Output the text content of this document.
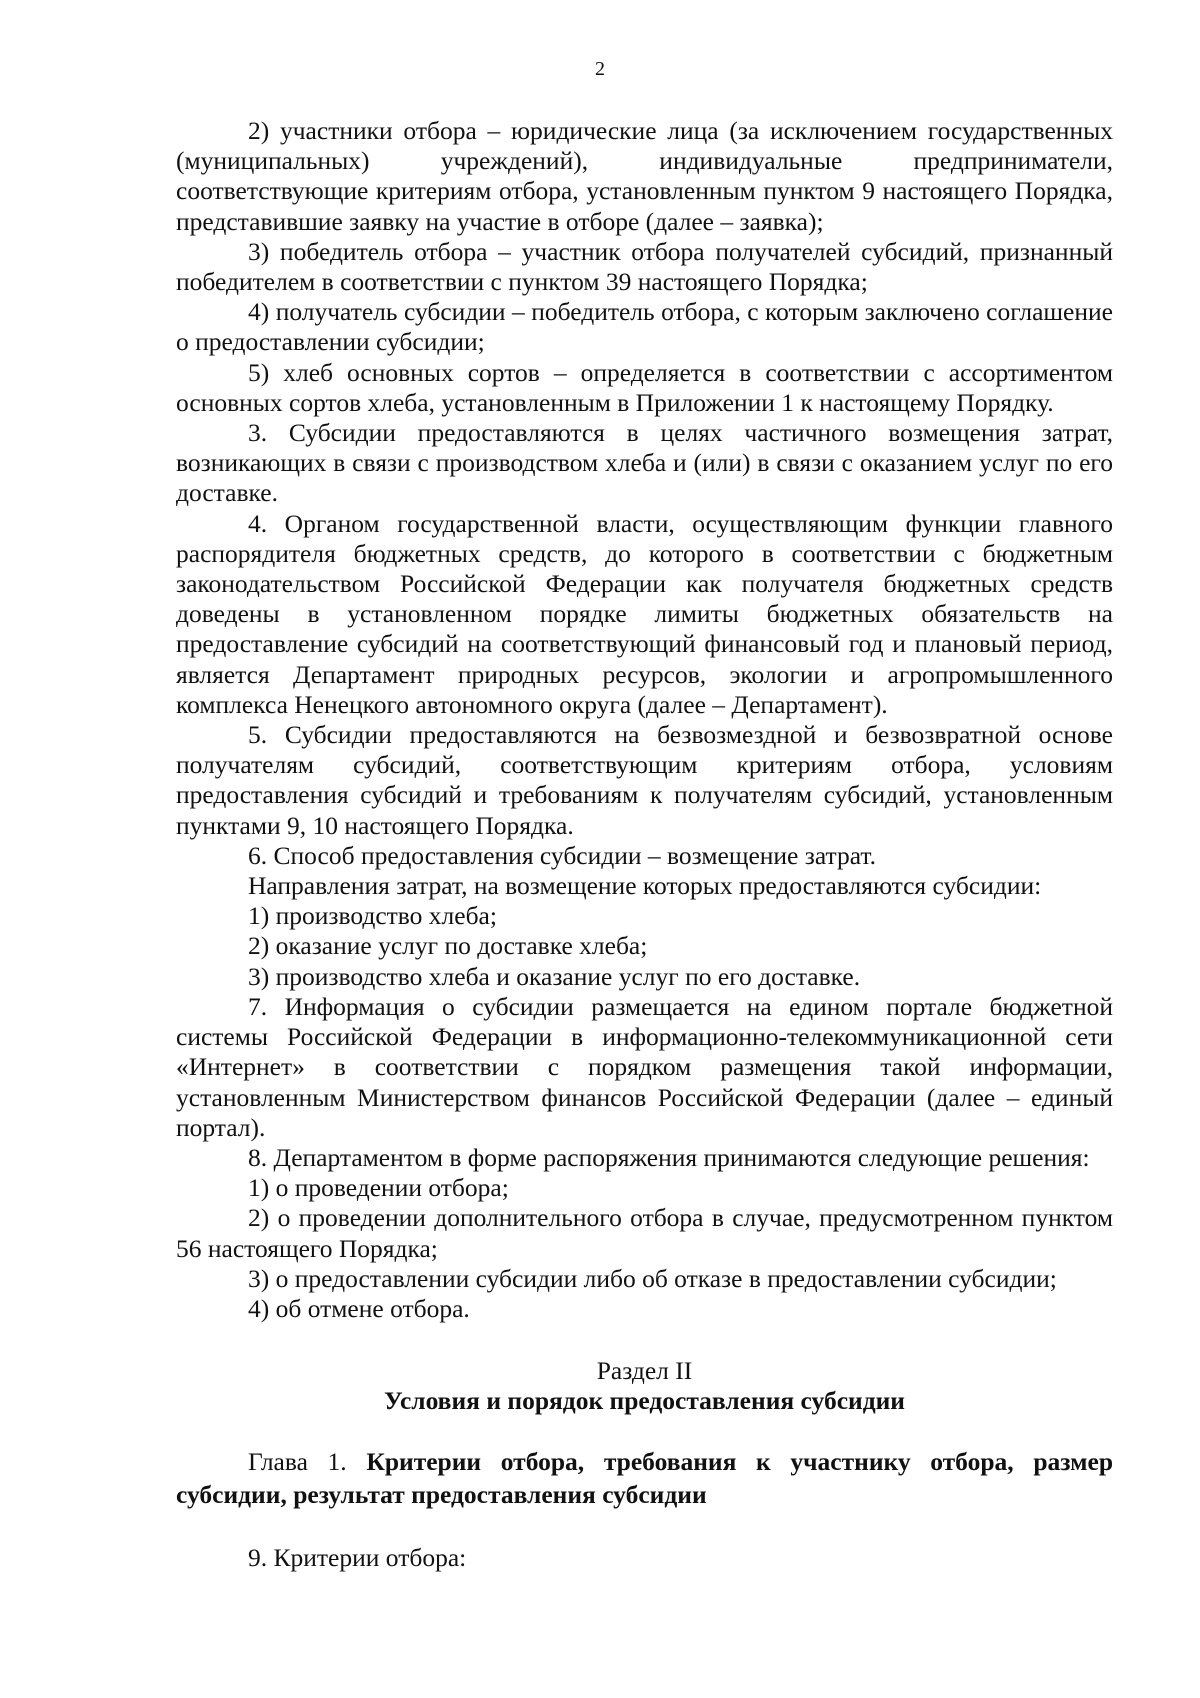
2

2) участники отбора – юридические лица (за исключением государственных (муниципальных) учреждений), индивидуальные предприниматели, соответствующие критериям отбора, установленным пунктом 9 настоящего Порядка, представившие заявку на участие в отборе (далее – заявка);

3) победитель отбора – участник отбора получателей субсидий, признанный победителем в соответствии с пунктом 39 настоящего Порядка;

4) получатель субсидии – победитель отбора, с которым заключено соглашение о предоставлении субсидии;

5) хлеб основных сортов – определяется в соответствии с ассортиментом основных сортов хлеба, установленным в Приложении 1 к настоящему Порядку.

3. Субсидии предоставляются в целях частичного возмещения затрат, возникающих в связи с производством хлеба и (или) в связи с оказанием услуг по его доставке.

4. Органом государственной власти, осуществляющим функции главного распорядителя бюджетных средств, до которого в соответствии с бюджетным законодательством Российской Федерации как получателя бюджетных средств доведены в установленном порядке лимиты бюджетных обязательств на предоставление субсидий на соответствующий финансовый год и плановый период, является Департамент природных ресурсов, экологии и агропромышленного комплекса Ненецкого автономного округа (далее – Департамент).

5. Субсидии предоставляются на безвозмездной и безвозвратной основе получателям субсидий, соответствующим критериям отбора, условиям предоставления субсидий и требованиям к получателям субсидий, установленным пунктами 9, 10 настоящего Порядка.

6. Способ предоставления субсидии – возмещение затрат.

Направления затрат, на возмещение которых предоставляются субсидии:

1) производство хлеба;

2) оказание услуг по доставке хлеба;

3) производство хлеба и оказание услуг по его доставке.

7. Информация о субсидии размещается на едином портале бюджетной системы Российской Федерации в информационно-телекоммуникационной сети «Интернет» в соответствии с порядком размещения такой информации, установленным Министерством финансов Российской Федерации (далее – единый портал).

8. Департаментом в форме распоряжения принимаются следующие решения:

1) о проведении отбора;

2) о проведении дополнительного отбора в случае, предусмотренном пунктом 56 настоящего Порядка;

3) о предоставлении субсидии либо об отказе в предоставлении субсидии;

4) об отмене отбора.

Раздел II

Условия и порядок предоставления субсидии

Глава 1. Критерии отбора, требования к участнику отбора, размер субсидии, результат предоставления субсидии

9. Критерии отбора:
